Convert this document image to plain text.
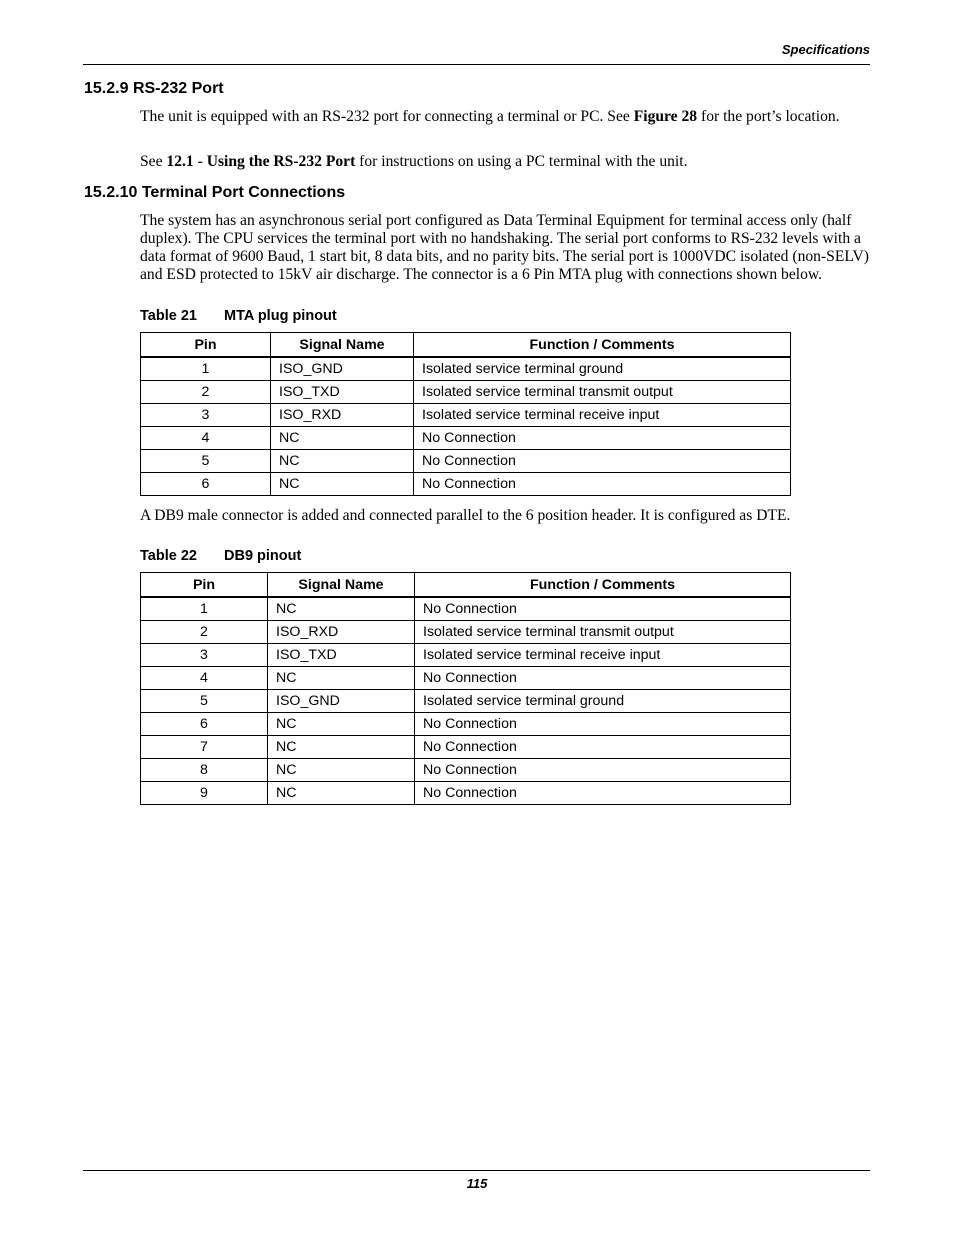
Specifications
15.2.9 RS-232 Port

The unit is equipped with an RS-232 port for connecting a terminal or PC. See Figure 28 for the port’s location.

See 12.1 - Using the RS-232 Port for instructions on using a PC terminal with the unit.

15.2.10 Terminal Port Connections

The system has an asynchronous serial port configured as Data Terminal Equipment for terminal access only (half duplex). The CPU services the terminal port with no handshaking. The serial port conforms to RS-232 levels with a data format of 9600 Baud, 1 start bit, 8 data bits, and no parity bits. The serial port is 1000VDC isolated (non-SELV) and ESD protected to 15kV air discharge. The connector is a 6 Pin MTA plug with connections shown below.

Table 21 MTA plug pinout

Pin	Signal Name	Function / Comments
1	ISO_GND	Isolated service terminal ground
2	ISO_TXD	Isolated service terminal transmit output
3	ISO_RXD	Isolated service terminal receive input
4	NC	No Connection
5	NC	No Connection
6	NC	No Connection

A DB9 male connector is added and connected parallel to the 6 position header. It is configured as DTE.

Table 22 DB9 pinout

Pin	Signal Name	Function / Comments
1	NC	No Connection
2	ISO_RXD	Isolated service terminal transmit output
3	ISO_TXD	Isolated service terminal receive input
4	NC	No Connection
5	ISO_GND	Isolated service terminal ground
6	NC	No Connection
7	NC	No Connection
8	NC	No Connection
9	NC	No Connection
115
